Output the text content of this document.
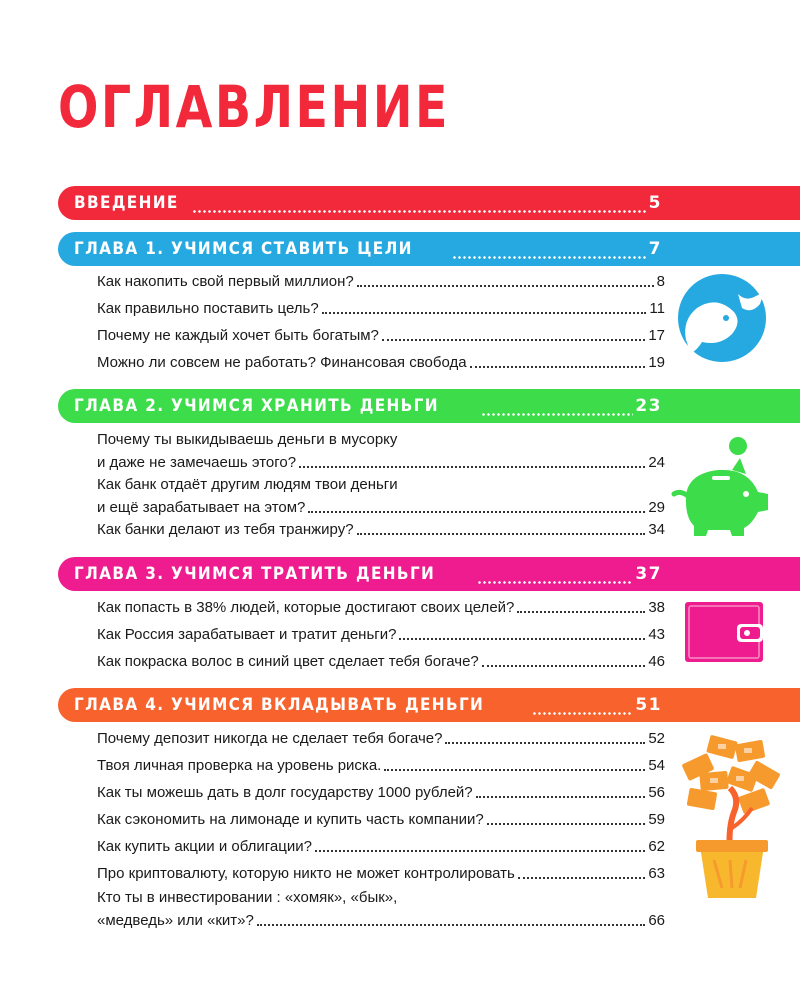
ОГЛАВЛЕНИЕ
ВВЕДЕНИЕ	5
ГЛАВА 1. УЧИМСЯ СТАВИТЬ ЦЕЛИ	7
Как накопить свой первый миллион?	8
Как правильно поставить цель?	11
Почему не каждый хочет быть богатым?	17
Можно ли совсем не работать? Финансовая свобода	19
ГЛАВА 2. УЧИМСЯ ХРАНИТЬ ДЕНЬГИ	23
Почему ты выкидываешь деньги в мусорку
и даже не замечаешь этого?	24
Как банк отдаёт другим людям твои деньги
и ещё зарабатывает на этом?	29
Как банки делают из тебя транжиру?	34
ГЛАВА 3. УЧИМСЯ ТРАТИТЬ ДЕНЬГИ	37
Как попасть в 38% людей, которые достигают своих целей?	38
Как Россия зарабатывает и тратит деньги?	43
Как покраска волос в синий цвет сделает тебя богаче?	46
ГЛАВА 4. УЧИМСЯ ВКЛАДЫВАТЬ ДЕНЬГИ	51
Почему депозит никогда не сделает тебя богаче?	52
Твоя личная проверка на уровень риска.	54
Как ты можешь дать в долг государству 1000 рублей?	56
Как сэкономить на лимонаде и купить часть компании?	59
Как купить акции и облигации?	62
Про криптовалюту, которую никто не может контролировать	63
Кто ты в инвестировании : «хомяк», «бык»,
«медведь» или «кит»?	66
